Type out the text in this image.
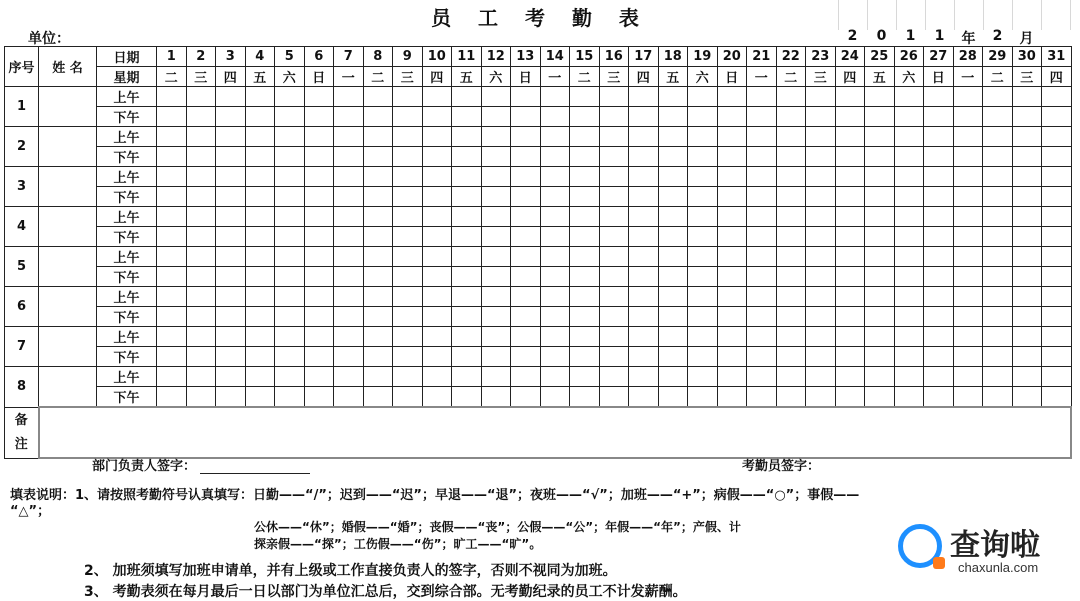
员 工 考 勤 表
单位：	2	0	1	1	年	2	月
序号	姓 名	日期	1	2	3	4	5	6	7	8	9	10	11	12	13	14	15	16	17	18	19	20	21	22	23	24	25	26	27	28	29	30	31
		星期	二	三	四	五	六	日	一	二	三	四	五	六	日	一	二	三	四	五	六	日	一	二	三	四	五	六	日	一	二	三	四
1		上午																															
		下午																															
2		上午																															
		下午																															
3		上午																															
		下午																															
4		上午																															
		下午																															
5		上午																															
		下午																															
6		上午																															
		下午																															
7		上午																															
		下午																															
8		上午																															
		下午																															

备
注																																	

部门负责人签字：	考勤员签字：
填表说明：1、请按照考勤符号认真填写：日勤——“/”；迟到——“迟”；早退——“退”；夜班——“√”；加班——“+”；病假——“○”；事假——
“△”；
公休——“休”；婚假——“婚”；丧假——“丧”；公假——“公”；年假——“年”；产假、计
探亲假——“探”；工伤假——“伤”；旷工——“旷”。
2、 加班须填写加班申请单，并有上级或工作直接负责人的签字，否则不视同为加班。
3、 考勤表须在每月最后一日以部门为单位汇总后，交到综合部。无考勤纪录的员工不计发薪酬。
查询啦
chaxunla.com
